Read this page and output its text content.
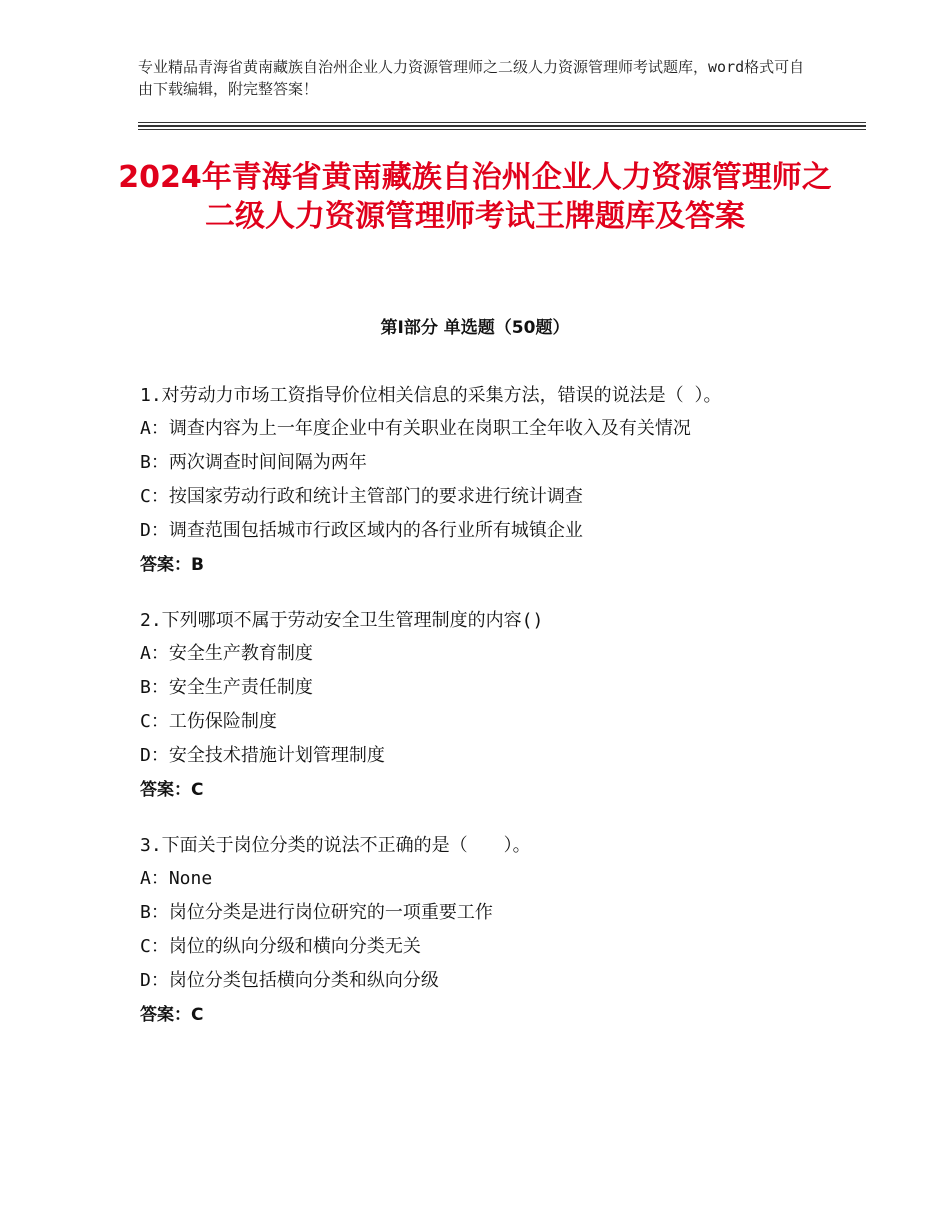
专业精品青海省黄南藏族自治州企业人力资源管理师之二级人力资源管理师考试题库，word格式可自由下载编辑，附完整答案！
2024年青海省黄南藏族自治州企业人力资源管理师之二级人力资源管理师考试王牌题库及答案
第Ⅰ部分 单选题（50题）
1.对劳动力市场工资指导价位相关信息的采集方法，错误的说法是（ ）。
A：调查内容为上一年度企业中有关职业在岗职工全年收入及有关情况
B：两次调查时间间隔为两年
C：按国家劳动行政和统计主管部门的要求进行统计调查
D：调查范围包括城市行政区域内的各行业所有城镇企业
答案：B
2.下列哪项不属于劳动安全卫生管理制度的内容()
A：安全生产教育制度
B：安全生产责任制度
C：工伤保险制度
D：安全技术措施计划管理制度
答案：C
3.下面关于岗位分类的说法不正确的是（　　）。
A：None
B：岗位分类是进行岗位研究的一项重要工作
C：岗位的纵向分级和横向分类无关
D：岗位分类包括横向分类和纵向分级
答案：C
